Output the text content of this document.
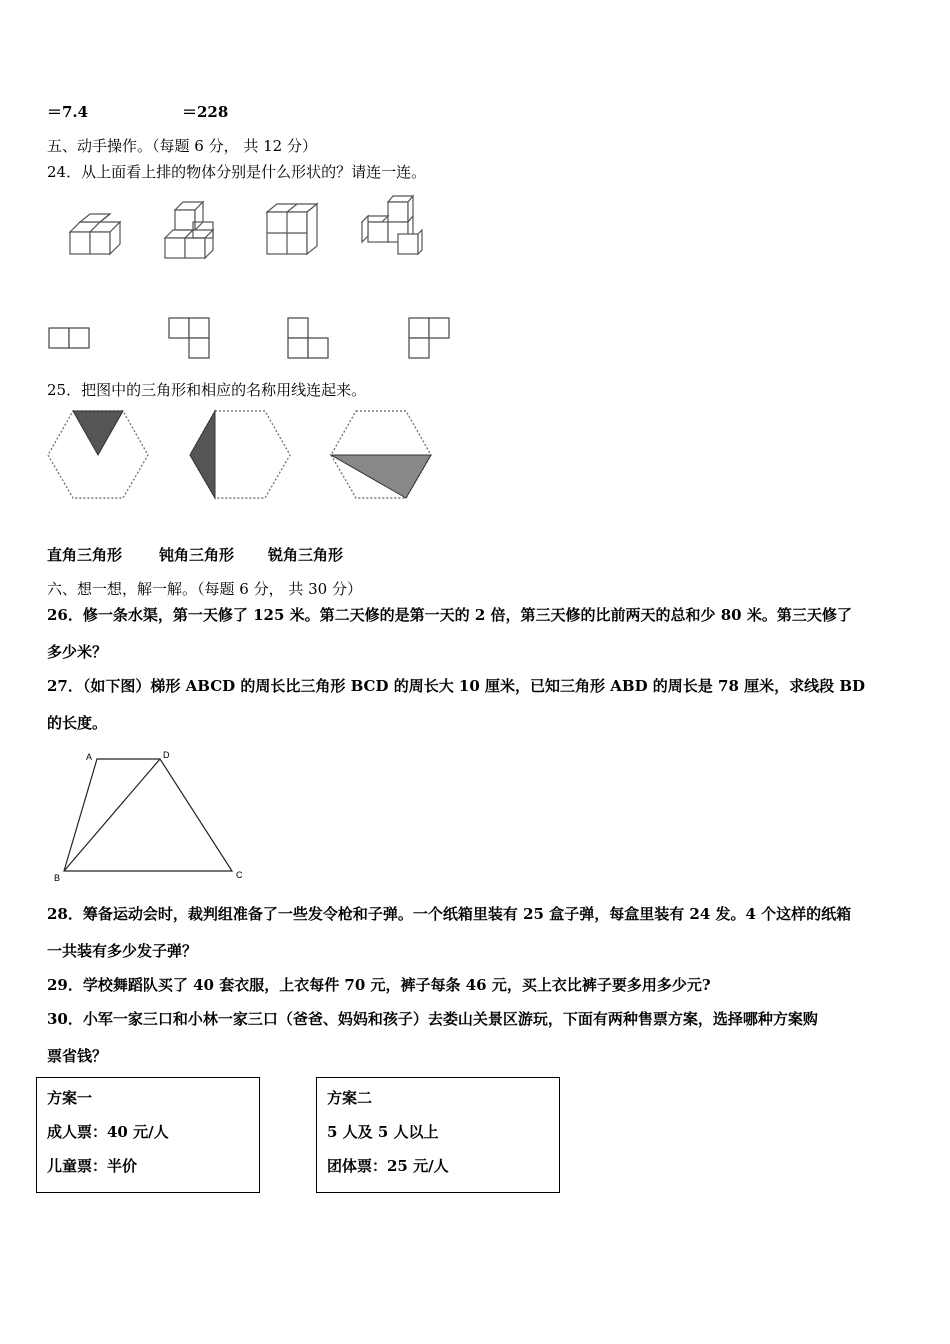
＝7.4	＝228
五、动手操作。（每题 6 分， 共 12 分）
24．从上面看上排的物体分别是什么形状的？请连一连。
25．把图中的三角形和相应的名称用线连起来。
直角三角形 钝角三角形 锐角三角形
六、想一想，解一解。（每题 6 分， 共 30 分）
26．修一条水渠，第一天修了 125 米。第二天修的是第一天的 2 倍，第三天修的比前两天的总和少 80 米。第三天修了
多少米？
27．（如下图）梯形 ABCD 的周长比三角形 BCD 的周长大 10 厘米，已知三角形 ABD 的周长是 78 厘米，求线段 BD
的长度。
A	D
B	C
28．筹备运动会时，裁判组准备了一些发令枪和子弹。一个纸箱里装有 25 盒子弹，每盒里装有 24 发。4 个这样的纸箱
一共装有多少发子弹？
29．学校舞蹈队买了 40 套衣服，上衣每件 70 元，裤子每条 46 元，买上衣比裤子要多用多少元?
30．小军一家三口和小林一家三口（爸爸、妈妈和孩子）去娄山关景区游玩，下面有两种售票方案，选择哪种方案购
票省钱？
方案一
成人票：40 元/人
儿童票：半价
方案二
5 人及 5 人以上
团体票：25 元/人
